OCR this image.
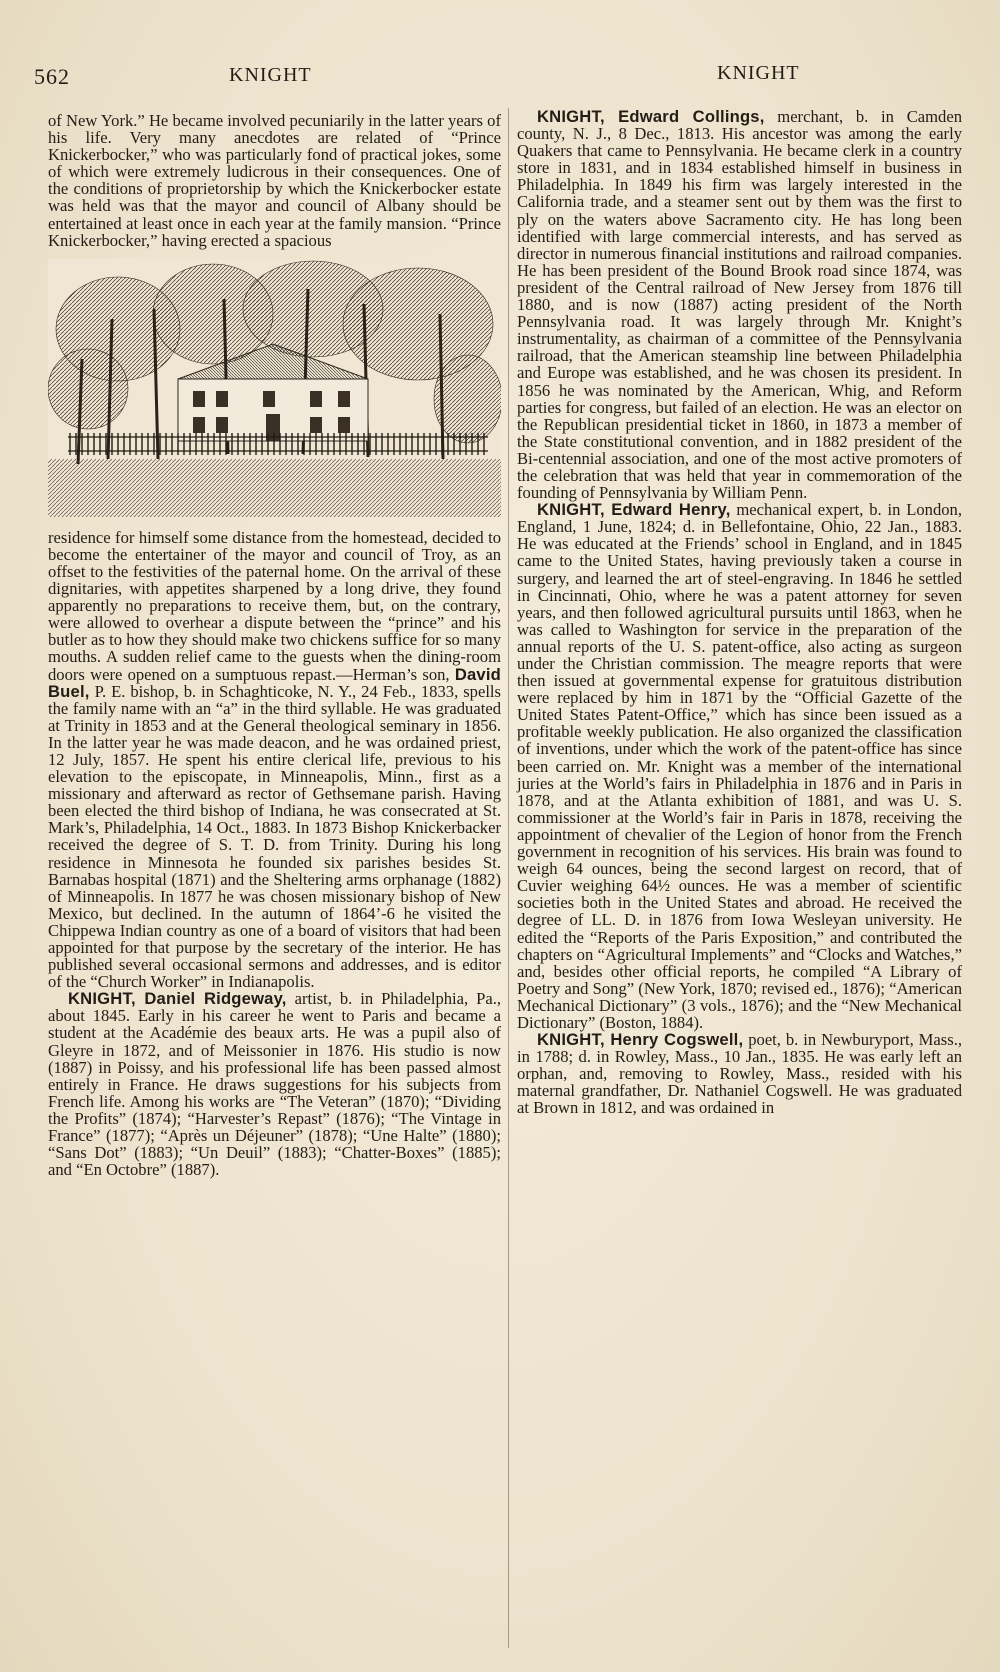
562	KNIGHT	KNIGHT

of New York.” He became involved pecuniarily in the latter years of his life. Very many anecdotes are related of “Prince Knickerbocker,” who was particularly fond of practical jokes, some of which were extremely ludicrous in their consequences. One of the conditions of proprietorship by which the Knickerbocker estate was held was that the mayor and council of Albany should be entertained at least once in each year at the family mansion. “Prince Knickerbocker,” having erected a spacious

residence for himself some distance from the homestead, decided to become the entertainer of the mayor and council of Troy, as an offset to the festivities of the paternal home. On the arrival of these dignitaries, with appetites sharpened by a long drive, they found apparently no preparations to receive them, but, on the contrary, were allowed to overhear a dispute between the “prince” and his butler as to how they should make two chickens suffice for so many mouths. A sudden relief came to the guests when the dining-room doors were opened on a sumptuous repast.—Herman’s son, David Buel, P. E. bishop, b. in Schaghticoke, N. Y., 24 Feb., 1833, spells the family name with an “a” in the third syllable. He was graduated at Trinity in 1853 and at the General theological seminary in 1856. In the latter year he was made deacon, and he was ordained priest, 12 July, 1857. He spent his entire clerical life, previous to his elevation to the episcopate, in Minneapolis, Minn., first as a missionary and afterward as rector of Gethsemane parish. Having been elected the third bishop of Indiana, he was consecrated at St. Mark’s, Philadelphia, 14 Oct., 1883. In 1873 Bishop Knickerbacker received the degree of S. T. D. from Trinity. During his long residence in Minnesota he founded six parishes besides St. Barnabas hospital (1871) and the Sheltering arms orphanage (1882) of Minneapolis. In 1877 he was chosen missionary bishop of New Mexico, but declined. In the autumn of 1864’-6 he visited the Chippewa Indian country as one of a board of visitors that had been appointed for that purpose by the secretary of the interior. He has published several occasional sermons and addresses, and is editor of the “Church Worker” in Indianapolis.

KNIGHT, Daniel Ridgeway, artist, b. in Philadelphia, Pa., about 1845. Early in his career he went to Paris and became a student at the Académie des beaux arts. He was a pupil also of Gleyre in 1872, and of Meissonier in 1876. His studio is now (1887) in Poissy, and his professional life has been passed almost entirely in France. He draws suggestions for his subjects from French life. Among his works are “The Veteran” (1870); “Dividing the Profits” (1874); “Harvester’s Repast” (1876); “The Vintage in France” (1877); “Après un Déjeuner” (1878); “Une Halte” (1880); “Sans Dot” (1883); “Un Deuil” (1883); “Chatter-Boxes” (1885); and “En Octobre” (1887).

KNIGHT, Edward Collings, merchant, b. in Camden county, N. J., 8 Dec., 1813. His ancestor was among the early Quakers that came to Pennsylvania. He became clerk in a country store in 1831, and in 1834 established himself in business in Philadelphia. In 1849 his firm was largely interested in the California trade, and a steamer sent out by them was the first to ply on the waters above Sacramento city. He has long been identified with large commercial interests, and has served as director in numerous financial institutions and railroad companies. He has been president of the Bound Brook road since 1874, was president of the Central railroad of New Jersey from 1876 till 1880, and is now (1887) acting president of the North Pennsylvania road. It was largely through Mr. Knight’s instrumentality, as chairman of a committee of the Pennsylvania railroad, that the American steamship line between Philadelphia and Europe was established, and he was chosen its president. In 1856 he was nominated by the American, Whig, and Reform parties for congress, but failed of an election. He was an elector on the Republican presidential ticket in 1860, in 1873 a member of the State constitutional convention, and in 1882 president of the Bi-centennial association, and one of the most active promoters of the celebration that was held that year in commemoration of the founding of Pennsylvania by William Penn.

KNIGHT, Edward Henry, mechanical expert, b. in London, England, 1 June, 1824; d. in Bellefontaine, Ohio, 22 Jan., 1883. He was educated at the Friends’ school in England, and in 1845 came to the United States, having previously taken a course in surgery, and learned the art of steel-engraving. In 1846 he settled in Cincinnati, Ohio, where he was a patent attorney for seven years, and then followed agricultural pursuits until 1863, when he was called to Washington for service in the preparation of the annual reports of the U. S. patent-office, also acting as surgeon under the Christian commission. The meagre reports that were then issued at governmental expense for gratuitous distribution were replaced by him in 1871 by the “Official Gazette of the United States Patent-Office,” which has since been issued as a profitable weekly publication. He also organized the classification of inventions, under which the work of the patent-office has since been carried on. Mr. Knight was a member of the international juries at the World’s fairs in Philadelphia in 1876 and in Paris in 1878, and at the Atlanta exhibition of 1881, and was U. S. commissioner at the World’s fair in Paris in 1878, receiving the appointment of chevalier of the Legion of honor from the French government in recognition of his services. His brain was found to weigh 64 ounces, being the second largest on record, that of Cuvier weighing 64½ ounces. He was a member of scientific societies both in the United States and abroad. He received the degree of LL. D. in 1876 from Iowa Wesleyan university. He edited the “Reports of the Paris Exposition,” and contributed the chapters on “Agricultural Implements” and “Clocks and Watches,” and, besides other official reports, he compiled “A Library of Poetry and Song” (New York, 1870; revised ed., 1876); “American Mechanical Dictionary” (3 vols., 1876); and the “New Mechanical Dictionary” (Boston, 1884).

KNIGHT, Henry Cogswell, poet, b. in Newburyport, Mass., in 1788; d. in Rowley, Mass., 10 Jan., 1835. He was early left an orphan, and, removing to Rowley, Mass., resided with his maternal grandfather, Dr. Nathaniel Cogswell. He was graduated at Brown in 1812, and was ordained in
